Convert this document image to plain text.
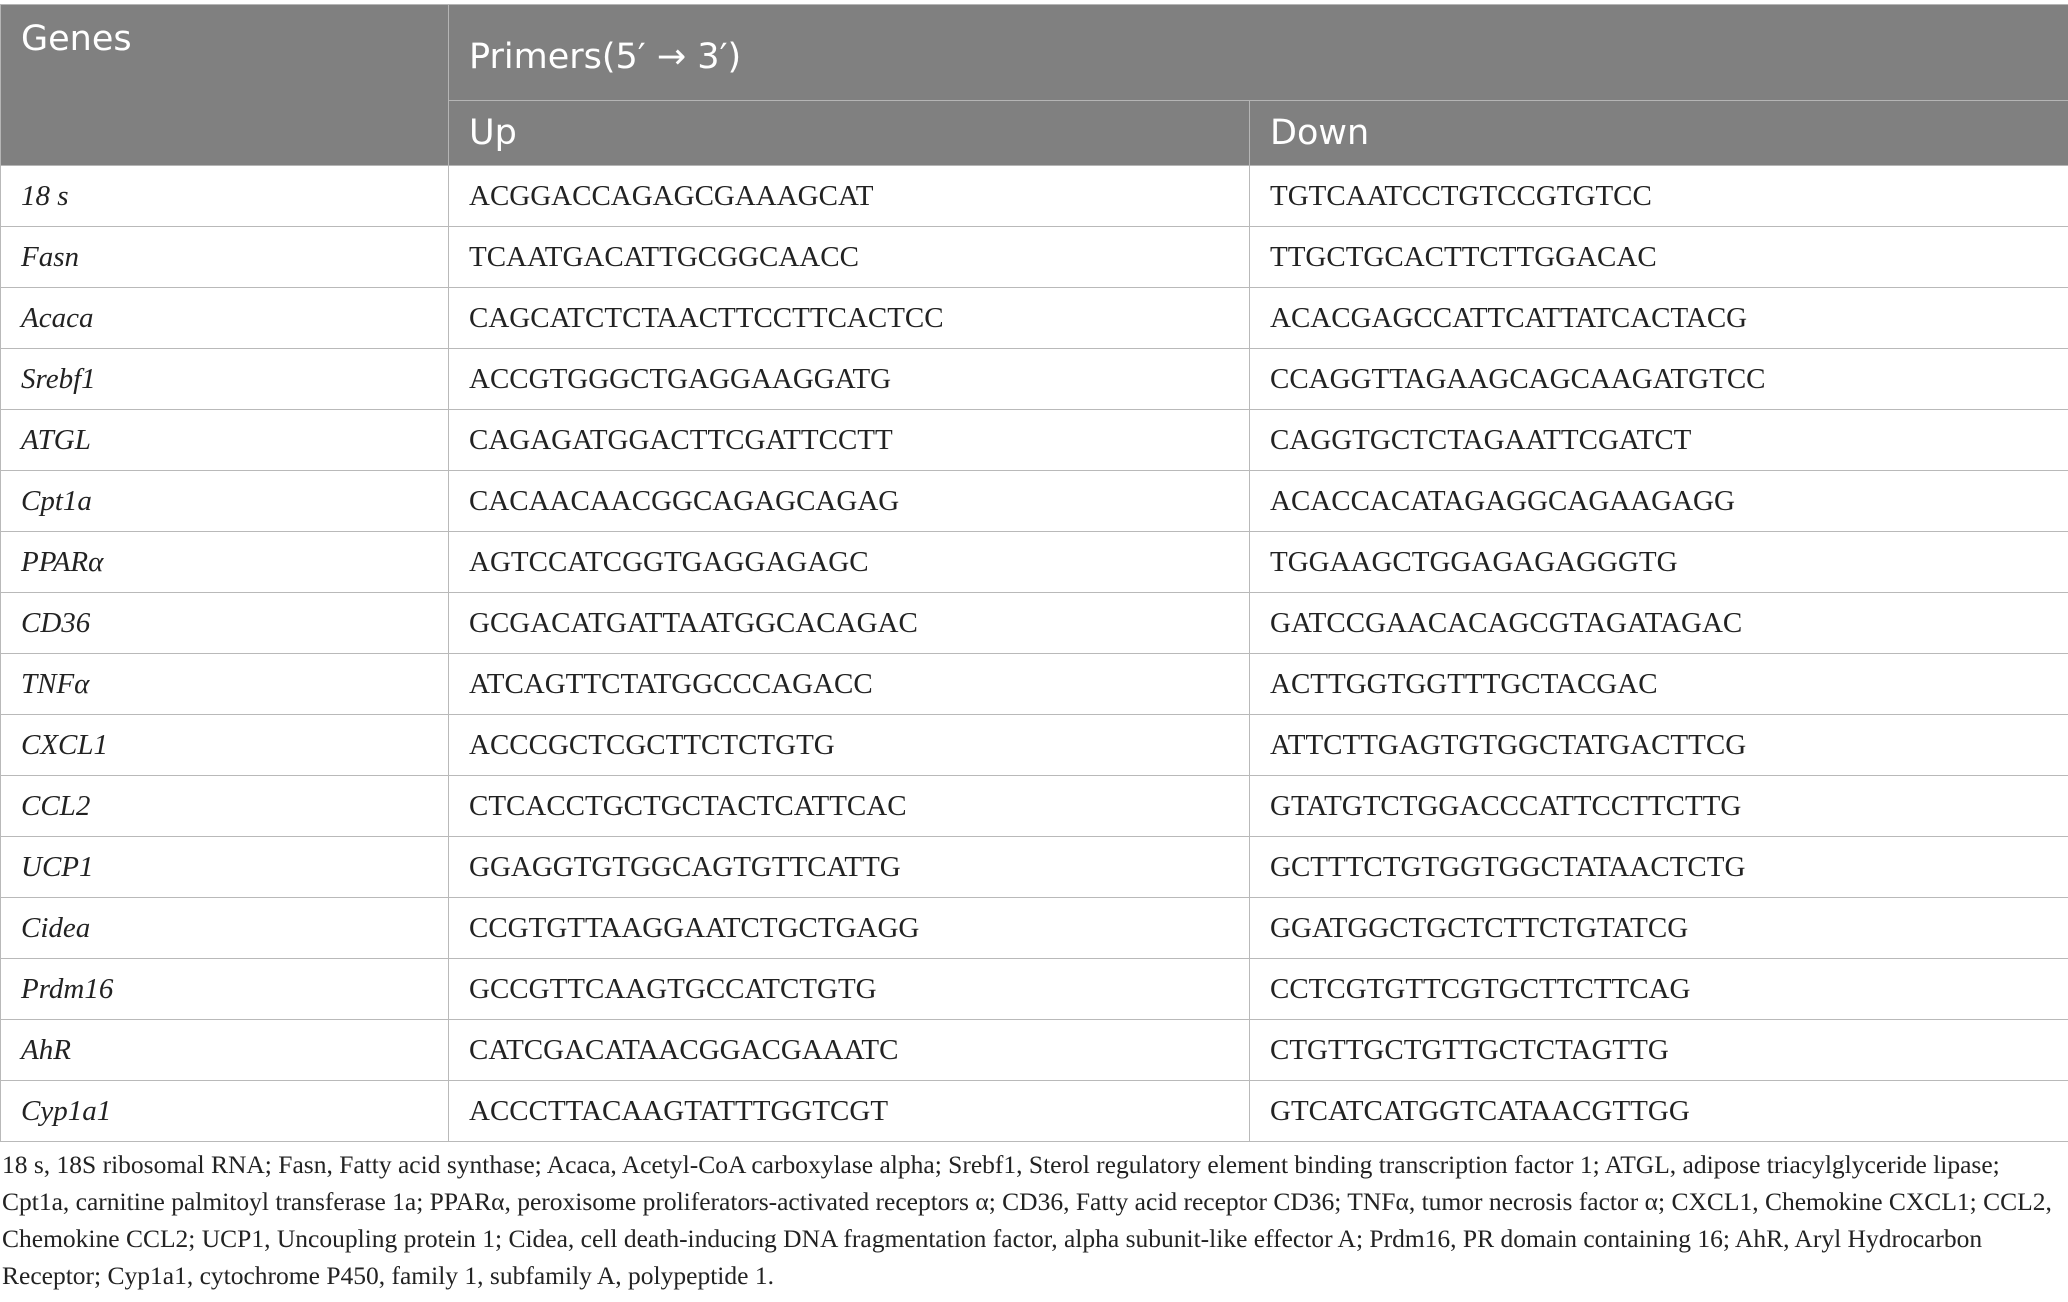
Genes	Primers(5′ → 3′)	
	Up	Down
18 s	ACGGACCAGAGCGAAAGCAT	TGTCAATCCTGTCCGTGTCC
Fasn	TCAATGACATTGCGGCAACC	TTGCTGCACTTCTTGGACAC
Acaca	CAGCATCTCTAACTTCCTTCACTCC	ACACGAGCCATTCATTATCACTACG
Srebf1	ACCGTGGGCTGAGGAAGGATG	CCAGGTTAGAAGCAGCAAGATGTCC
ATGL	CAGAGATGGACTTCGATTCCTT	CAGGTGCTCTAGAATTCGATCT
Cpt1a	CACAACAACGGCAGAGCAGAG	ACACCACATAGAGGCAGAAGAGG
PPARα	AGTCCATCGGTGAGGAGAGC	TGGAAGCTGGAGAGAGGGTG
CD36	GCGACATGATTAATGGCACAGAC	GATCCGAACACAGCGTAGATAGAC
TNFα	ATCAGTTCTATGGCCCAGACC	ACTTGGTGGTTTGCTACGAC
CXCL1	ACCCGCTCGCTTCTCTGTG	ATTCTTGAGTGTGGCTATGACTTCG
CCL2	CTCACCTGCTGCTACTCATTCAC	GTATGTCTGGACCCATTCCTTCTTG
UCP1	GGAGGTGTGGCAGTGTTCATTG	GCTTTCTGTGGTGGCTATAACTCTG
Cidea	CCGTGTTAAGGAATCTGCTGAGG	GGATGGCTGCTCTTCTGTATCG
Prdm16	GCCGTTCAAGTGCCATCTGTG	CCTCGTGTTCGTGCTTCTTCAG
AhR	CATCGACATAACGGACGAAATC	CTGTTGCTGTTGCTCTAGTTG
Cyp1a1	ACCCTTACAAGTATTTGGTCGT	GTCATCATGGTCATAACGTTGG
18 s, 18S ribosomal RNA; Fasn, Fatty acid synthase; Acaca, Acetyl-CoA carboxylase alpha; Srebf1, Sterol regulatory element binding transcription factor 1; ATGL, adipose triacylglyceride lipase; Cpt1a, carnitine palmitoyl transferase 1a; PPARα, peroxisome proliferators-activated receptors α; CD36, Fatty acid receptor CD36; TNFα, tumor necrosis factor α; CXCL1, Chemokine CXCL1; CCL2, Chemokine CCL2; UCP1, Uncoupling protein 1; Cidea, cell death-inducing DNA fragmentation factor, alpha subunit-like effector A; Prdm16, PR domain containing 16; AhR, Aryl Hydrocarbon Receptor; Cyp1a1, cytochrome P450, family 1, subfamily A, polypeptide 1.
